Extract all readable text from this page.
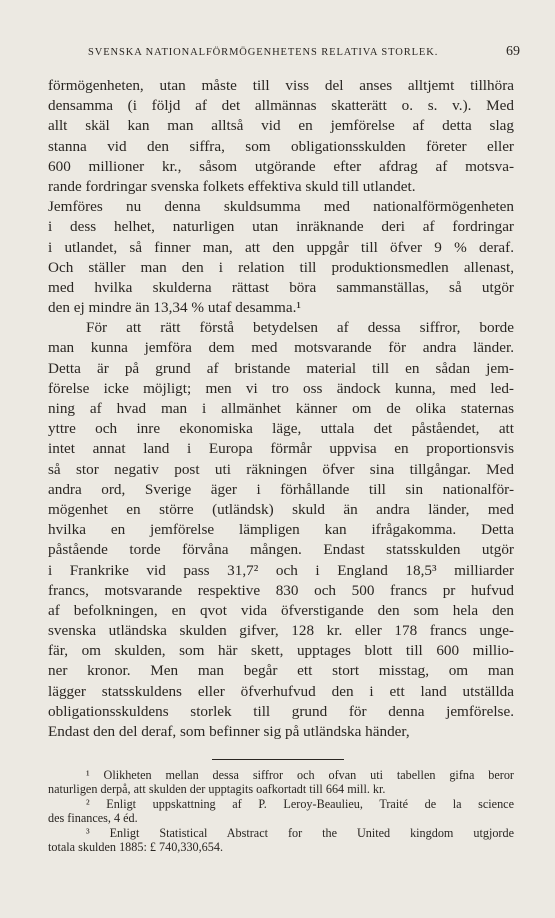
SVENSKA NATIONALFÖRMÖGENHETENS RELATIVA STORLEK.	69
förmögenheten, utan måste till viss del anses alltjemt tillhöra
densamma (i följd af det allmännas skatterätt o. s. v.). Med
allt skäl kan man alltså vid en jemförelse af detta slag
stanna vid den siffra, som obligationsskulden företer eller
600 millioner kr., såsom utgörande efter afdrag af motsva-
rande fordringar svenska folkets effektiva skuld till utlandet.
Jemföres nu denna skuldsumma med nationalförmögenheten
i dess helhet, naturligen utan inräknande deri af fordringar
i utlandet, så finner man, att den uppgår till öfver 9 % deraf.
Och ställer man den i relation till produktionsmedlen allenast,
med hvilka skulderna rättast böra sammanställas, så utgör
den ej mindre än 13,34 % utaf desamma.¹
För att rätt förstå betydelsen af dessa siffror, borde
man kunna jemföra dem med motsvarande för andra länder.
Detta är på grund af bristande material till en sådan jem-
förelse icke möjligt; men vi tro oss ändock kunna, med led-
ning af hvad man i allmänhet känner om de olika staternas
yttre och inre ekonomiska läge, uttala det påståendet, att
intet annat land i Europa förmår uppvisa en proportionsvis
så stor negativ post uti räkningen öfver sina tillgångar. Med
andra ord, Sverige äger i förhållande till sin nationalför-
mögenhet en större (utländsk) skuld än andra länder, med
hvilka en jemförelse lämpligen kan ifrågakomma. Detta
påstående torde förvåna mången. Endast statsskulden utgör
i Frankrike vid pass 31,7² och i England 18,5³ milliarder
francs, motsvarande respektive 830 och 500 francs pr hufvud
af befolkningen, en qvot vida öfverstigande den som hela den
svenska utländska skulden gifver, 128 kr. eller 178 francs unge-
fär, om skulden, som här skett, upptages blott till 600 millio-
ner kronor. Men man begår ett stort misstag, om man
lägger statsskuldens eller öfverhufvud den i ett land utställda
obligationsskuldens storlek till grund för denna jemförelse.
Endast den del deraf, som befinner sig på utländska händer,
¹ Olikheten mellan dessa siffror och ofvan uti tabellen gifna beror
naturligen derpå, att skulden der upptagits oafkortadt till 664 mill. kr.
² Enligt uppskattning af P. Leroy-Beaulieu, Traité de la science
des finances, 4 éd.
³ Enligt Statistical Abstract for the United kingdom utgjorde
totala skulden 1885: £ 740,330,654.
